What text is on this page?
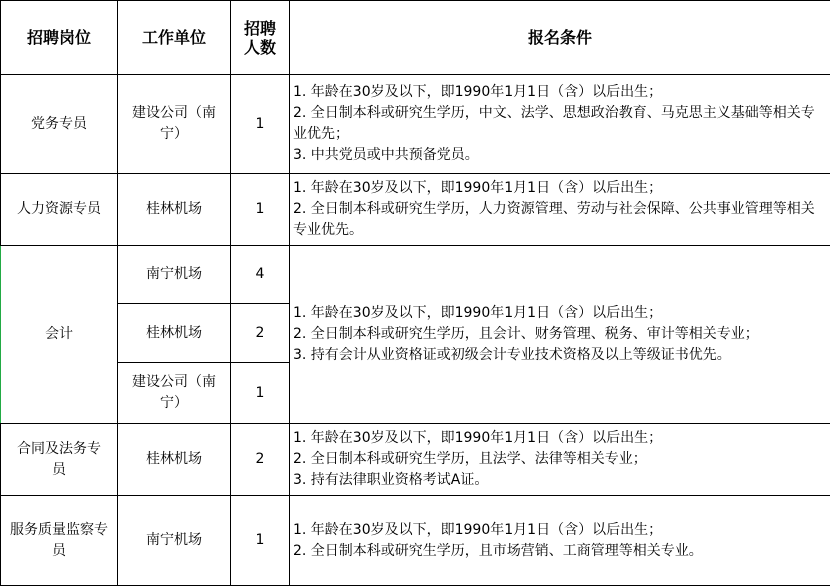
招聘岗位	工作单位	招聘人数	报名条件
党务专员	建设公司（南宁）	1	1. 年龄在30岁及以下，即1990年1月1日（含）以后出生；
2. 全日制本科或研究生学历，中文、法学、思想政治教育、马克思主义基础等相关专业优先；
3. 中共党员或中共预备党员。

人力资源专员	桂林机场	1	1. 年龄在30岁及以下，即1990年1月1日（含）以后出生；
2. 全日制本科或研究生学历，人力资源管理、劳动与社会保障、公共事业管理等相关专业优先。

会计	南宁机场	4	1. 年龄在30岁及以下，即1990年1月1日（含）以后出生；
2. 全日制本科或研究生学历，且会计、财务管理、税务、审计等相关专业；
3. 持有会计从业资格证或初级会计专业技术资格及以上等级证书优先。

	桂林机场	2	
	建设公司（南宁）	1	
合同及法务专员	桂林机场	2	1. 年龄在30岁及以下，即1990年1月1日（含）以后出生；
2. 全日制本科或研究生学历，且法学、法律等相关专业；
3. 持有法律职业资格考试A证。

服务质量监察专员	南宁机场	1	1. 年龄在30岁及以下，即1990年1月1日（含）以后出生；
2. 全日制本科或研究生学历，且市场营销、工商管理等相关专业。
